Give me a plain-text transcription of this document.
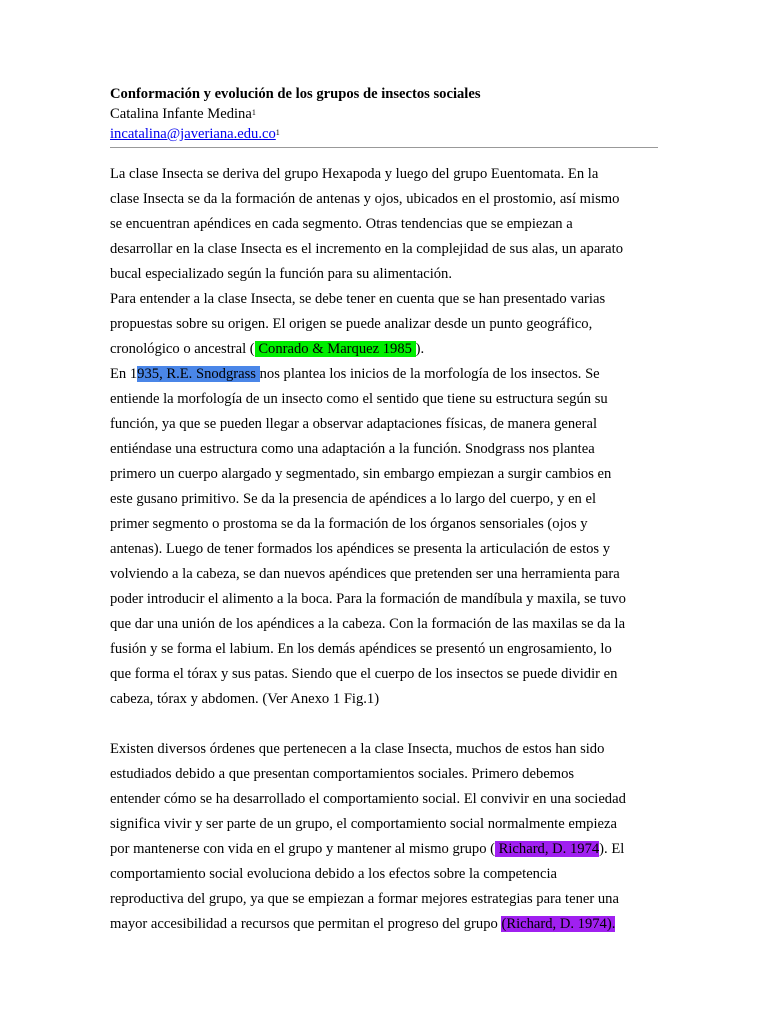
Conformación y evolución de los grupos de insectos sociales
Catalina Infante Medina$^1$
$incatalina@javeriana.edu.co^1$
La clase Insecta se deriva del grupo Hexapoda y luego del grupo Euentomata. En la
clase Insecta se da la formación de antenas y ojos, ubicados en el prostomio, así mismo
se encuentran apéndices en cada segmento. Otras tendencias que se empiezan a
desarrollar en la clase Insecta es el incremento en la complejidad de sus alas, un aparato
bucal especializado según la función para su alimentación.
Para entender a la clase Insecta, se debe tener en cuenta que se han presentado varias
propuestas sobre su origen. El origen se puede analizar desde un punto geográfico,
cronológico o ancestral ( Conrado & Marquez 1985 ).
En 1935, R.E. Snodgrass nos plantea los inicios de la morfología de los insectos. Se
entiende la morfología de un insecto como el sentido que tiene su estructura según su
función, ya que se pueden llegar a observar adaptaciones físicas, de manera general
entiéndase una estructura como una adaptación a la función. Snodgrass nos plantea
primero un cuerpo alargado y segmentado, sin embargo empiezan a surgir cambios en
este gusano primitivo. Se da la presencia de apéndices a lo largo del cuerpo, y en el
primer segmento o prostoma se da la formación de los órganos sensoriales (ojos y
antenas). Luego de tener formados los apéndices se presenta la articulación de estos y
volviendo a la cabeza, se dan nuevos apéndices que pretenden ser una herramienta para
poder introducir el alimento a la boca. Para la formación de mandíbula y maxila, se tuvo
que dar una unión de los apéndices a la cabeza. Con la formación de las maxilas se da la
fusión y se forma el labium. En los demás apéndices se presentó un engrosamiento, lo
que forma el tórax y sus patas. Siendo que el cuerpo de los insectos se puede dividir en
cabeza, tórax y abdomen. (Ver Anexo 1 Fig.1)
Existen diversos órdenes que pertenecen a la clase Insecta, muchos de estos han sido
estudiados debido a que presentan comportamientos sociales. Primero debemos
entender cómo se ha desarrollado el comportamiento social. El convivir en una sociedad
significa vivir y ser parte de un grupo, el comportamiento social normalmente empieza
por mantenerse con vida en el grupo y mantener al mismo grupo ( Richard, D. 1974). El
comportamiento social evoluciona debido a los efectos sobre la competencia
reproductiva del grupo, ya que se empiezan a formar mejores estrategias para tener una
mayor accesibilidad a recursos que permitan el progreso del grupo (Richard, D. 1974).
